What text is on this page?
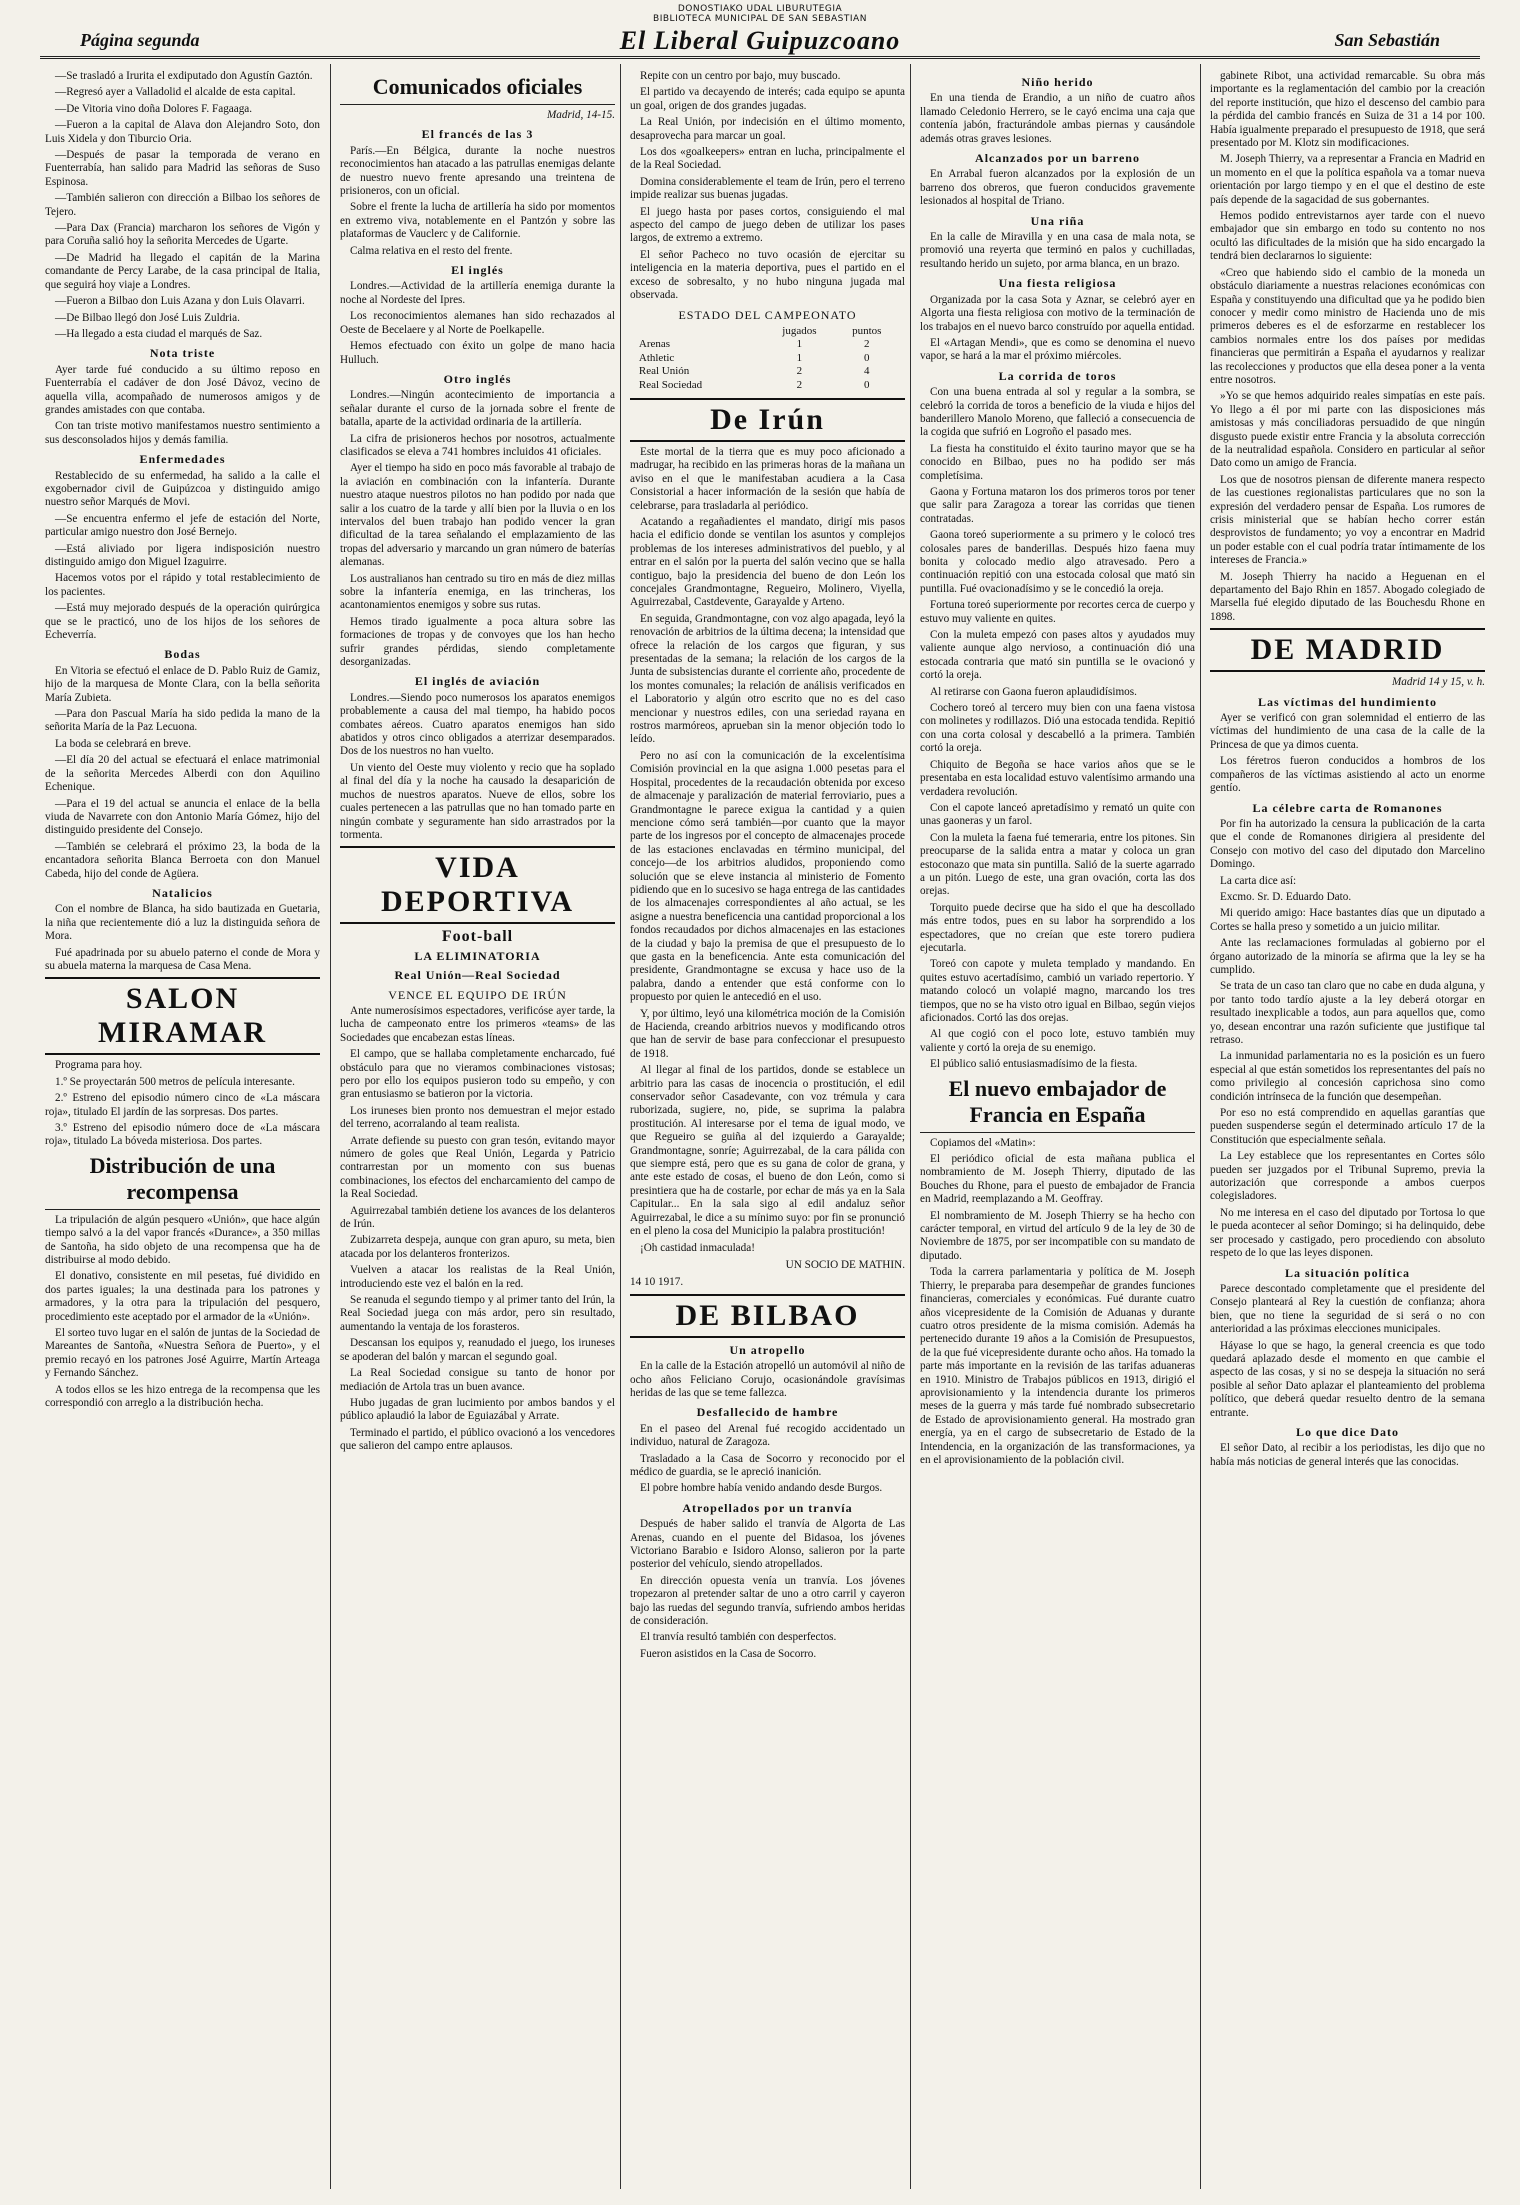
DONOSTIAKO UDAL LIBURUTEGIA
BIBLIOTECA MUNICIPAL DE SAN SEBASTIAN
El Liberal Guipuzcoano
Página segunda	San Sebastián

—Se trasladó a Irurita el exdiputado don Agustín Gaztón.

—Regresó ayer a Valladolid el alcalde de esta capital.

—De Vitoria vino doña Dolores F. Fagaaga.

—Fueron a la capital de Alava don Alejandro Soto, don Luis Xidela y don Tiburcio Oria.

—Después de pasar la temporada de verano en Fuenterrabía, han salido para Madrid las señoras de Suso Espinosa.

—También salieron con dirección a Bilbao los señores de Tejero.

—Para Dax (Francia) marcharon los señores de Vigón y para Coruña salió hoy la señorita Mercedes de Ugarte.

—De Madrid ha llegado el capitán de la Marina comandante de Percy Larabe, de la casa principal de Italia, que seguirá hoy viaje a Londres.

—Fueron a Bilbao don Luis Azana y don Luis Olavarri.

—De Bilbao llegó don José Luis Zuldria.

—Ha llegado a esta ciudad el marqués de Saz.

Nota triste

Ayer tarde fué conducido a su último reposo en Fuenterrabía el cadáver de don José Dávoz, vecino de aquella villa, acompañado de numerosos amigos y de grandes amistades con que contaba.

Con tan triste motivo manifestamos nuestro sentimiento a sus desconsolados hijos y demás familia.

Enfermedades

Restablecido de su enfermedad, ha salido a la calle el exgobernador civil de Guipúzcoa y distinguido amigo nuestro señor Marqués de Movi.

—Se encuentra enfermo el jefe de estación del Norte, particular amigo nuestro don José Bernejo.

—Está aliviado por ligera indisposición nuestro distinguido amigo don Miguel Izaguirre.

Hacemos votos por el rápido y total restablecimiento de los pacientes.

—Está muy mejorado después de la operación quirúrgica que se le practicó, uno de los hijos de los señores de Echeverría.

Bodas

En Vitoria se efectuó el enlace de D. Pablo Ruiz de Gamiz, hijo de la marquesa de Monte Clara, con la bella señorita María Zubieta.

—Para don Pascual María ha sido pedida la mano de la señorita María de la Paz Lecuona.

La boda se celebrará en breve.

—El día 20 del actual se efectuará el enlace matrimonial de la señorita Mercedes Alberdi con don Aquilino Echenique.

—Para el 19 del actual se anuncia el enlace de la bella viuda de Navarrete con don Antonio María Gómez, hijo del distinguido presidente del Consejo.

—También se celebrará el próximo 23, la boda de la encantadora señorita Blanca Berroeta con don Manuel Cabeda, hijo del conde de Agüera.

Natalicios

Con el nombre de Blanca, ha sido bautizada en Guetaria, la niña que recientemente dió a luz la distinguida señora de Mora.

Fué apadrinada por su abuelo paterno el conde de Mora y su abuela materna la marquesa de Casa Mena.

SALON MIRAMAR

Programa para hoy.

1.º Se proyectarán 500 metros de película interesante.

2.º Estreno del episodio número cinco de «La máscara roja», titulado El jardín de las sorpresas. Dos partes.

3.º Estreno del episodio número doce de «La máscara roja», titulado La bóveda misteriosa. Dos partes.

Distribución de una recompensa

La tripulación de algún pesquero «Unión», que hace algún tiempo salvó a la del vapor francés «Durance», a 350 millas de Santoña, ha sido objeto de una recompensa que ha de distribuirse al modo debido.

El donativo, consistente en mil pesetas, fué dividido en dos partes iguales; la una destinada para los patrones y armadores, y la otra para la tripulación del pesquero, procedimiento este aceptado por el armador de la «Unión».

El sorteo tuvo lugar en el salón de juntas de la Sociedad de Mareantes de Santoña, «Nuestra Señora de Puerto», y el premio recayó en los patrones José Aguirre, Martín Arteaga y Fernando Sánchez.

A todos ellos se les hizo entrega de la recompensa que les correspondió con arreglo a la distribución hecha.

Comunicados oficiales
Madrid, 14-15.
El francés de las 3

París.—En Bélgica, durante la noche nuestros reconocimientos han atacado a las patrullas enemigas delante de nuestro nuevo frente apresando una treintena de prisioneros, con un oficial.

Sobre el frente la lucha de artillería ha sido por momentos en extremo viva, notablemente en el Pantzón y sobre las plataformas de Vauclerc y de Californie.

Calma relativa en el resto del frente.

El inglés

Londres.—Actividad de la artillería enemiga durante la noche al Nordeste del Ipres.

Los reconocimientos alemanes han sido rechazados al Oeste de Becelaere y al Norte de Poelkapelle.

Hemos efectuado con éxito un golpe de mano hacia Hulluch.

Otro inglés

Londres.—Ningún acontecimiento de importancia a señalar durante el curso de la jornada sobre el frente de batalla, aparte de la actividad ordinaria de la artillería.

La cifra de prisioneros hechos por nosotros, actualmente clasificados se eleva a 741 hombres incluidos 41 oficiales.

Ayer el tiempo ha sido en poco más favorable al trabajo de la aviación en combinación con la infantería. Durante nuestro ataque nuestros pilotos no han podido por nada que salir a los cuatro de la tarde y allí bien por la lluvia o en los intervalos del buen trabajo han podido vencer la gran dificultad de la tarea señalando el emplazamiento de las tropas del adversario y marcando un gran número de baterías alemanas.

Los australianos han centrado su tiro en más de diez millas sobre la infantería enemiga, en las trincheras, los acantonamientos enemigos y sobre sus rutas.

Hemos tirado igualmente a poca altura sobre las formaciones de tropas y de convoyes que los han hecho sufrir grandes pérdidas, siendo completamente desorganizadas.

El inglés de aviación

Londres.—Siendo poco numerosos los aparatos enemigos probablemente a causa del mal tiempo, ha habido pocos combates aéreos. Cuatro aparatos enemigos han sido abatidos y otros cinco obligados a aterrizar desemparados. Dos de los nuestros no han vuelto.

Un viento del Oeste muy violento y recio que ha soplado al final del día y la noche ha causado la desaparición de muchos de nuestros aparatos. Nueve de ellos, sobre los cuales pertenecen a las patrullas que no han tomado parte en ningún combate y seguramente han sido arrastrados por la tormenta.

VIDA DEPORTIVA
Foot-ball
LA ELIMINATORIA
Real Unión—Real Sociedad
VENCE EL EQUIPO DE IRÚN

Ante numerosísimos espectadores, verificóse ayer tarde, la lucha de campeonato entre los primeros «teams» de las Sociedades que encabezan estas líneas.

El campo, que se hallaba completamente encharcado, fué obstáculo para que no vieramos combinaciones vistosas; pero por ello los equipos pusieron todo su empeño, y con gran entusiasmo se batieron por la victoria.

Los iruneses bien pronto nos demuestran el mejor estado del terreno, acorralando al team realista.

Arrate defiende su puesto con gran tesón, evitando mayor número de goles que Real Unión, Legarda y Patricio contrarrestan por un momento con sus buenas combinaciones, los efectos del encharcamiento del campo de la Real Sociedad.

Aguirrezabal también detiene los avances de los delanteros de Irún.

Zubizarreta despeja, aunque con gran apuro, su meta, bien atacada por los delanteros fronterizos.

Vuelven a atacar los realistas de la Real Unión, introduciendo este vez el balón en la red.

Se reanuda el segundo tiempo y al primer tanto del Irún, la Real Sociedad juega con más ardor, pero sin resultado, aumentando la ventaja de los forasteros.

Descansan los equipos y, reanudado el juego, los iruneses se apoderan del balón y marcan el segundo goal.

La Real Sociedad consigue su tanto de honor por mediación de Artola tras un buen avance.

Hubo jugadas de gran lucimiento por ambos bandos y el público aplaudió la labor de Eguiazábal y Arrate.

Terminado el partido, el público ovacionó a los vencedores que salieron del campo entre aplausos.

Repite con un centro por bajo, muy buscado.

El partido va decayendo de interés; cada equipo se apunta un goal, origen de dos grandes jugadas.

La Real Unión, por indecisión en el último momento, desaprovecha para marcar un goal.

Los dos «goalkeepers» entran en lucha, principalmente el de la Real Sociedad.

Domina considerablemente el team de Irún, pero el terreno impide realizar sus buenas jugadas.

El juego hasta por pases cortos, consiguiendo el mal aspecto del campo de juego deben de utilizar los pases largos, de extremo a extremo.

El señor Pacheco no tuvo ocasión de ejercitar su inteligencia en la materia deportiva, pues el partido en el exceso de sobresalto, y no hubo ninguna jugada mal observada.

ESTADO DEL CAMPEONATO
	jugados	puntos
Arenas	1	2
Athletic	1	0
Real Unión	2	4
Real Sociedad	2	0
De Irún

Este mortal de la tierra que es muy poco aficionado a madrugar, ha recibido en las primeras horas de la mañana un aviso en el que le manifestaban acudiera a la Casa Consistorial a hacer información de la sesión que había de celebrarse, para trasladarla al periódico.

Acatando a regañadientes el mandato, dirigí mis pasos hacia el edificio donde se ventilan los asuntos y complejos problemas de los intereses administrativos del pueblo, y al entrar en el salón por la puerta del salón vecino que se halla contiguo, bajo la presidencia del bueno de don León los concejales Grandmontagne, Regueiro, Molinero, Viyella, Aguirrezabal, Castdevente, Garayalde y Arteno.

En seguida, Grandmontagne, con voz algo apagada, leyó la renovación de arbitrios de la última decena; la intensidad que ofrece la relación de los cargos que figuran, y sus presentadas de la semana; la relación de los cargos de la Junta de subsistencias durante el corriente año, procedente de los montes comunales; la relación de análisis verificados en el Laboratorio y algún otro escrito que no es del caso mencionar y nuestros ediles, con una seriedad rayana en rostros marmóreos, aprueban sin la menor objeción todo lo leído.

Pero no así con la comunicación de la excelentísima Comisión provincial en la que asigna 1.000 pesetas para el Hospital, procedentes de la recaudación obtenida por exceso de almacenaje y paralización de material ferroviario, pues a Grandmontagne le parece exigua la cantidad y a quien mencione cómo será también—por cuanto que la mayor parte de los ingresos por el concepto de almacenajes procede de las estaciones enclavadas en término municipal, del concejo—de los arbitrios aludidos, proponiendo como solución que se eleve instancia al ministerio de Fomento pidiendo que en lo sucesivo se haga entrega de las cantidades de los almacenajes correspondientes al año actual, se les asigne a nuestra beneficencia una cantidad proporcional a los fondos recaudados por dichos almacenajes en las estaciones de la ciudad y bajo la premisa de que el presupuesto de lo que gasta en la beneficencia. Ante esta comunicación del presidente, Grandmontagne se excusa y hace uso de la palabra, dando a entender que está conforme con lo propuesto por quien le antecedió en el uso.

Y, por último, leyó una kilométrica moción de la Comisión de Hacienda, creando arbitrios nuevos y modificando otros que han de servir de base para confeccionar el presupuesto de 1918.

Al llegar al final de los partidos, donde se establece un arbitrio para las casas de inocencia o prostitución, el edil conservador señor Casadevante, con voz trémula y cara ruborizada, sugiere, no, pide, se suprima la palabra prostitución. Al interesarse por el tema de igual modo, ve que Regueiro se guiña al del izquierdo a Garayalde; Grandmontagne, sonríe; Aguirrezabal, de la cara pálida con que siempre está, pero que es su gana de color de grana, y ante este estado de cosas, el bueno de don León, como si presintiera que ha de costarle, por echar de más ya en la Sala Capitular... En la sala sigo al edil andaluz señor Aguirrezabal, le dice a su mínimo suyo: por fin se pronunció en el pleno la cosa del Municipio la palabra prostitución!

¡Oh castidad inmaculada!

UN SOCIO DE MATHIN.
14 10 1917.
DE BILBAO
Un atropello

En la calle de la Estación atropelló un automóvil al niño de ocho años Feliciano Corujo, ocasionándole gravísimas heridas de las que se teme fallezca.

Desfallecido de hambre

En el paseo del Arenal fué recogido accidentado un individuo, natural de Zaragoza.

Trasladado a la Casa de Socorro y reconocido por el médico de guardia, se le apreció inanición.

El pobre hombre había venido andando desde Burgos.

Atropellados por un tranvía

Después de haber salido el tranvía de Algorta de Las Arenas, cuando en el puente del Bidasoa, los jóvenes Victoriano Barabio e Isidoro Alonso, salieron por la parte posterior del vehículo, siendo atropellados.

En dirección opuesta venía un tranvía. Los jóvenes tropezaron al pretender saltar de uno a otro carril y cayeron bajo las ruedas del segundo tranvía, sufriendo ambos heridas de consideración.

El tranvía resultó también con desperfectos.

Fueron asistidos en la Casa de Socorro.

Niño herido

En una tienda de Erandio, a un niño de cuatro años llamado Celedonio Herrero, se le cayó encima una caja que contenía jabón, fracturándole ambas piernas y causándole además otras graves lesiones.

Alcanzados por un barreno

En Arrabal fueron alcanzados por la explosión de un barreno dos obreros, que fueron conducidos gravemente lesionados al hospital de Triano.

Una riña

En la calle de Miravilla y en una casa de mala nota, se promovió una reyerta que terminó en palos y cuchilladas, resultando herido un sujeto, por arma blanca, en un brazo.

Una fiesta religiosa

Organizada por la casa Sota y Aznar, se celebró ayer en Algorta una fiesta religiosa con motivo de la terminación de los trabajos en el nuevo barco construído por aquella entidad.

El «Artagan Mendi», que es como se denomina el nuevo vapor, se hará a la mar el próximo miércoles.

La corrida de toros

Con una buena entrada al sol y regular a la sombra, se celebró la corrida de toros a beneficio de la viuda e hijos del banderillero Manolo Moreno, que falleció a consecuencia de la cogida que sufrió en Logroño el pasado mes.

La fiesta ha constituido el éxito taurino mayor que se ha conocido en Bilbao, pues no ha podido ser más completísima.

Gaona y Fortuna mataron los dos primeros toros por tener que salir para Zaragoza a torear las corridas que tienen contratadas.

Gaona toreó superiormente a su primero y le colocó tres colosales pares de banderillas. Después hizo faena muy bonita y colocado medio algo atravesado. Pero a continuación repitió con una estocada colosal que mató sin puntilla. Fué ovacionadísimo y se le concedió la oreja.

Fortuna toreó superiormente por recortes cerca de cuerpo y estuvo muy valiente en quites.

Con la muleta empezó con pases altos y ayudados muy valiente aunque algo nervioso, a continuación dió una estocada contraria que mató sin puntilla se le ovacionó y cortó la oreja.

Al retirarse con Gaona fueron aplaudidísimos.

Cochero toreó al tercero muy bien con una faena vistosa con molinetes y rodillazos. Dió una estocada tendida. Repitió con una corta colosal y descabelló a la primera. También cortó la oreja.

Chiquito de Begoña se hace varios años que se le presentaba en esta localidad estuvo valentísimo armando una verdadera revolución.

Con el capote lanceó apretadísimo y remató un quite con unas gaoneras y un farol.

Con la muleta la faena fué temeraria, entre los pitones. Sin preocuparse de la salida entra a matar y coloca un gran estoconazo que mata sin puntilla. Salió de la suerte agarrado a un pitón. Luego de este, una gran ovación, corta las dos orejas.

Torquito puede decirse que ha sido el que ha descollado más entre todos, pues en su labor ha sorprendido a los espectadores, que no creían que este torero pudiera ejecutarla.

Toreó con capote y muleta templado y mandando. En quites estuvo acertadísimo, cambió un variado repertorio. Y matando colocó un volapié magno, marcando los tres tiempos, que no se ha visto otro igual en Bilbao, según viejos aficionados. Cortó las dos orejas.

Al que cogió con el poco lote, estuvo también muy valiente y cortó la oreja de su enemigo.

El público salió entusiasmadísimo de la fiesta.

El nuevo embajador de Francia en España

Copiamos del «Matin»:

El periódico oficial de esta mañana publica el nombramiento de M. Joseph Thierry, diputado de las Bouches du Rhone, para el puesto de embajador de Francia en Madrid, reemplazando a M. Geoffray.

El nombramiento de M. Joseph Thierry se ha hecho con carácter temporal, en virtud del artículo 9 de la ley de 30 de Noviembre de 1875, por ser incompatible con su mandato de diputado.

Toda la carrera parlamentaria y política de M. Joseph Thierry, le preparaba para desempeñar de grandes funciones financieras, comerciales y económicas. Fué durante cuatro años vicepresidente de la Comisión de Aduanas y durante cuatro otros presidente de la misma comisión. Además ha pertenecido durante 19 años a la Comisión de Presupuestos, de la que fué vicepresidente durante ocho años. Ha tomado la parte más importante en la revisión de las tarifas aduaneras en 1910. Ministro de Trabajos públicos en 1913, dirigió el aprovisionamiento y la intendencia durante los primeros meses de la guerra y más tarde fué nombrado subsecretario de Estado de aprovisionamiento general. Ha mostrado gran energía, ya en el cargo de subsecretario de Estado de la Intendencia, en la organización de las transformaciones, ya en el aprovisionamiento de la población civil.

gabinete Ribot, una actividad remarcable. Su obra más importante es la reglamentación del cambio por la creación del reporte institución, que hizo el descenso del cambio para la pérdida del cambio francés en Suiza de 31 a 14 por 100. Había igualmente preparado el presupuesto de 1918, que será presentado por M. Klotz sin modificaciones.

M. Joseph Thierry, va a representar a Francia en Madrid en un momento en el que la política española va a tomar nueva orientación por largo tiempo y en el que el destino de este país depende de la sagacidad de sus gobernantes.

Hemos podido entrevistarnos ayer tarde con el nuevo embajador que sin embargo en todo su contento no nos ocultó las dificultades de la misión que ha sido encargado la tendrá bien declararnos lo siguiente:

«Creo que habiendo sido el cambio de la moneda un obstáculo diariamente a nuestras relaciones económicas con España y constituyendo una dificultad que ya he podido bien conocer y medir como ministro de Hacienda uno de mis primeros deberes es el de esforzarme en restablecer los cambios normales entre los dos países por medidas financieras que permitirán a España el ayudarnos y realizar las recolecciones y productos que ella desea poner a la venta entre nosotros.

»Yo se que hemos adquirido reales simpatías en este país. Yo llego a él por mi parte con las disposiciones más amistosas y más conciliadoras persuadido de que ningún disgusto puede existir entre Francia y la absoluta corrección de la neutralidad española. Considero en particular al señor Dato como un amigo de Francia.

Los que de nosotros piensan de diferente manera respecto de las cuestiones regionalistas particulares que no son la expresión del verdadero pensar de España. Los rumores de crisis ministerial que se habían hecho correr están desprovistos de fundamento; yo voy a encontrar en Madrid un poder estable con el cual podría tratar íntimamente de los intereses de Francia.»

M. Joseph Thierry ha nacido a Heguenan en el departamento del Bajo Rhin en 1857. Abogado colegiado de Marsella fué elegido diputado de las Bouchesdu Rhone en 1898.

DE MADRID
Madrid 14 y 15, v. h.
Las víctimas del hundimiento

Ayer se verificó con gran solemnidad el entierro de las víctimas del hundimiento de una casa de la calle de la Princesa de que ya dimos cuenta.

Los féretros fueron conducidos a hombros de los compañeros de las víctimas asistiendo al acto un enorme gentío.

La célebre carta de Romanones

Por fin ha autorizado la censura la publicación de la carta que el conde de Romanones dirigiera al presidente del Consejo con motivo del caso del diputado don Marcelino Domingo.

La carta dice así:

Excmo. Sr. D. Eduardo Dato.

Mi querido amigo: Hace bastantes días que un diputado a Cortes se halla preso y sometido a un juicio militar.

Ante las reclamaciones formuladas al gobierno por el órgano autorizado de la minoría se afirma que la ley se ha cumplido.

Se trata de un caso tan claro que no cabe en duda alguna, y por tanto todo tardío ajuste a la ley deberá otorgar en resultado inexplicable a todos, aun para aquellos que, como yo, desean encontrar una razón suficiente que justifique tal retraso.

La inmunidad parlamentaria no es la posición es un fuero especial al que están sometidos los representantes del país no como privilegio al concesión caprichosa sino como condición intrínseca de la función que desempeñan.

Por eso no está comprendido en aquellas garantías que pueden suspenderse según el determinado artículo 17 de la Constitución que especialmente señala.

La Ley establece que los representantes en Cortes sólo pueden ser juzgados por el Tribunal Supremo, previa la autorización que corresponde a ambos cuerpos colegisladores.

No me interesa en el caso del diputado por Tortosa lo que le pueda acontecer al señor Domingo; si ha delinquido, debe ser procesado y castigado, pero procediendo con absoluto respeto de lo que las leyes disponen.

La situación política

Parece descontado completamente que el presidente del Consejo planteará al Rey la cuestión de confianza; ahora bien, que no tiene la seguridad de si será o no con anterioridad a las próximas elecciones municipales.

Háyase lo que se hago, la general creencia es que todo quedará aplazado desde el momento en que cambie el aspecto de las cosas, y si no se despeja la situación no será posible al señor Dato aplazar el planteamiento del problema político, que deberá quedar resuelto dentro de la semana entrante.

Lo que dice Dato

El señor Dato, al recibir a los periodistas, les dijo que no había más noticias de general interés que las conocidas.
